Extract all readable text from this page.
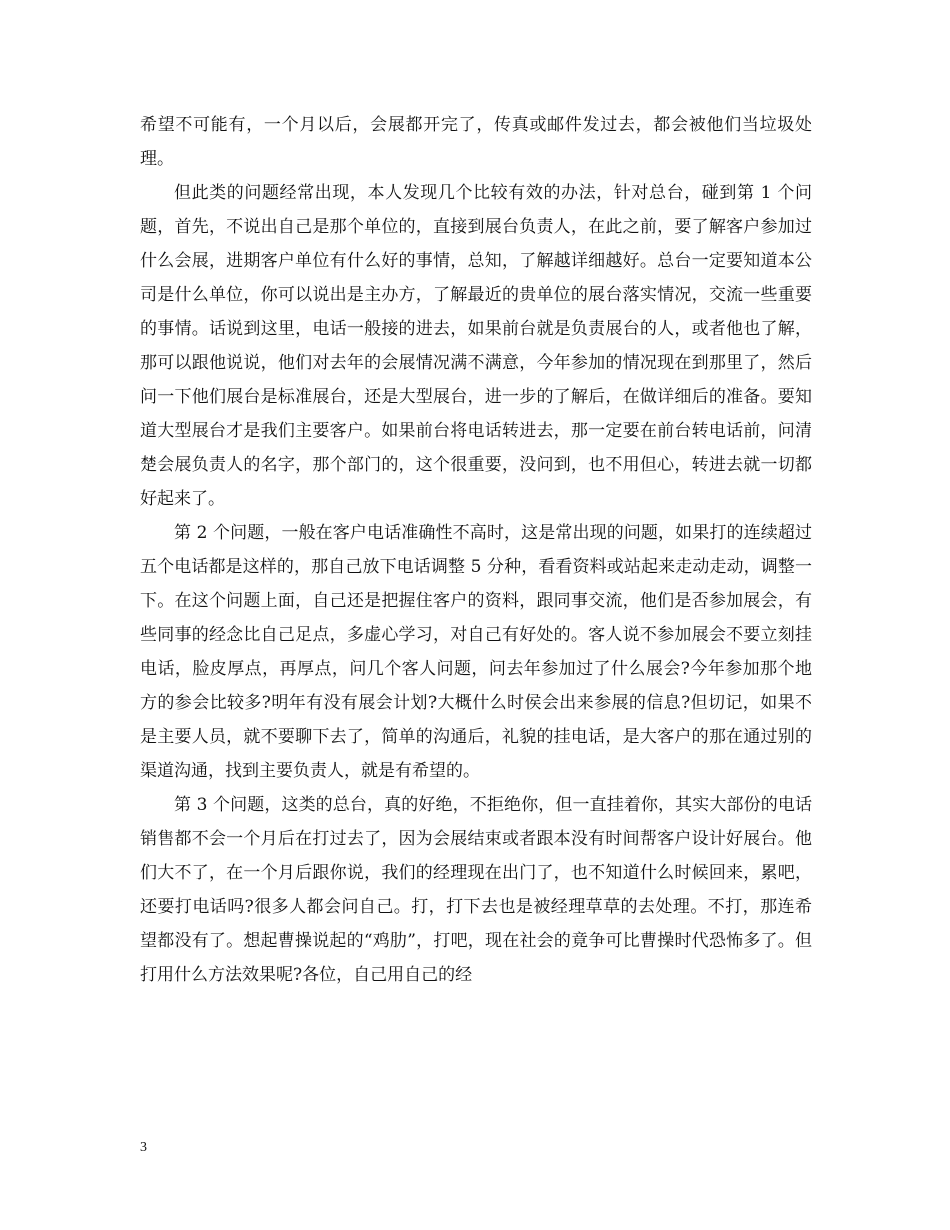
希望不可能有，一个月以后，会展都开完了，传真或邮件发过去，都会被他们当垃圾处理。

但此类的问题经常出现，本人发现几个比较有效的办法，针对总台，碰到第 1 个问题，首先，不说出自己是那个单位的，直接到展台负责人，在此之前，要了解客户参加过什么会展，进期客户单位有什么好的事情，总知，了解越详细越好。总台一定要知道本公司是什么单位，你可以说出是主办方，了解最近的贵单位的展台落实情况，交流一些重要的事情。话说到这里，电话一般接的进去，如果前台就是负责展台的人，或者他也了解，那可以跟他说说，他们对去年的会展情况满不满意，今年参加的情况现在到那里了，然后问一下他们展台是标准展台，还是大型展台，进一步的了解后，在做详细后的准备。要知道大型展台才是我们主要客户。如果前台将电话转进去，那一定要在前台转电话前，问清楚会展负责人的名字，那个部门的，这个很重要，没问到，也不用但心，转进去就一切都好起来了。

第 2 个问题，一般在客户电话准确性不高时，这是常出现的问题，如果打的连续超过五个电话都是这样的，那自己放下电话调整 5 分种，看看资料或站起来走动走动，调整一下。在这个问题上面，自己还是把握住客户的资料，跟同事交流，他们是否参加展会，有些同事的经念比自己足点，多虚心学习，对自己有好处的。客人说不参加展会不要立刻挂电话，脸皮厚点，再厚点，问几个客人问题，问去年参加过了什么展会?今年参加那个地方的参会比较多?明年有没有展会计划?大概什么时侯会出来参展的信息?但切记，如果不是主要人员，就不要聊下去了，简单的沟通后，礼貌的挂电话，是大客户的那在通过别的渠道沟通，找到主要负责人，就是有希望的。

第 3 个问题，这类的总台，真的好绝，不拒绝你，但一直挂着你，其实大部份的电话销售都不会一个月后在打过去了，因为会展结束或者跟本没有时间帮客户设计好展台。他们大不了，在一个月后跟你说，我们的经理现在出门了，也不知道什么时候回来，累吧，还要打电话吗?很多人都会问自己。打，打下去也是被经理草草的去处理。不打，那连希望都没有了。想起曹操说起的“鸡肋”，打吧，现在社会的竟争可比曹操时代恐怖多了。但打用什么方法效果呢?各位，自己用自己的经

3
